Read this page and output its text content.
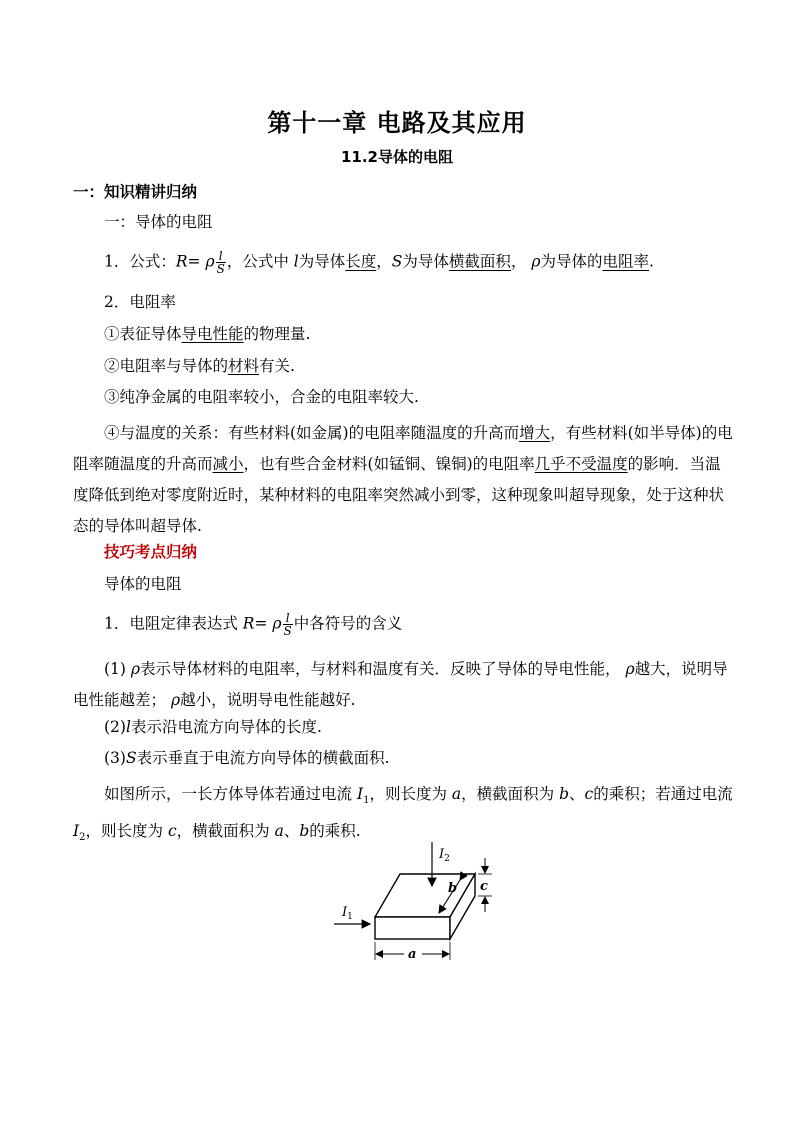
第十一章 电路及其应用
11.2导体的电阻
一：知识精讲归纳
一：导体的电阻
1．公式：R= ρ $\frac{l}{S}$ ，公式中 l为导体长度，S为导体横截面积， ρ为导体的电阻率.
2．电阻率
①表征导体导电性能的物理量.
②电阻率与导体的材料有关.
③纯净金属的电阻率较小，合金的电阻率较大.
④与温度的关系：有些材料(如金属)的电阻率随温度的升高而增大，有些材料(如半导体)的电阻率随温度的升高而减小，也有些合金材料(如锰铜、镍铜)的电阻率几乎不受温度的影响．当温度降低到绝对零度附近时，某种材料的电阻率突然减小到零，这种现象叫超导现象，处于这种状态的导体叫超导体.
技巧考点归纳
导体的电阻
1．电阻定律表达式 R= ρ $\frac{l}{S}$ 中各符号的含义
(1) ρ表示导体材料的电阻率，与材料和温度有关．反映了导体的导电性能， ρ越大，说明导电性能越差； ρ越小，说明导电性能越好.
(2)l表示沿电流方向导体的长度.
(3)S表示垂直于电流方向导体的横截面积.
如图所示，一长方体导体若通过电流 $I_1$，则长度为 a，横截面积为 b、c的乘积；若通过电流 $I_2$，则长度为 c，横截面积为 a、b的乘积.
$I_1$
$I_2$
b c
a
